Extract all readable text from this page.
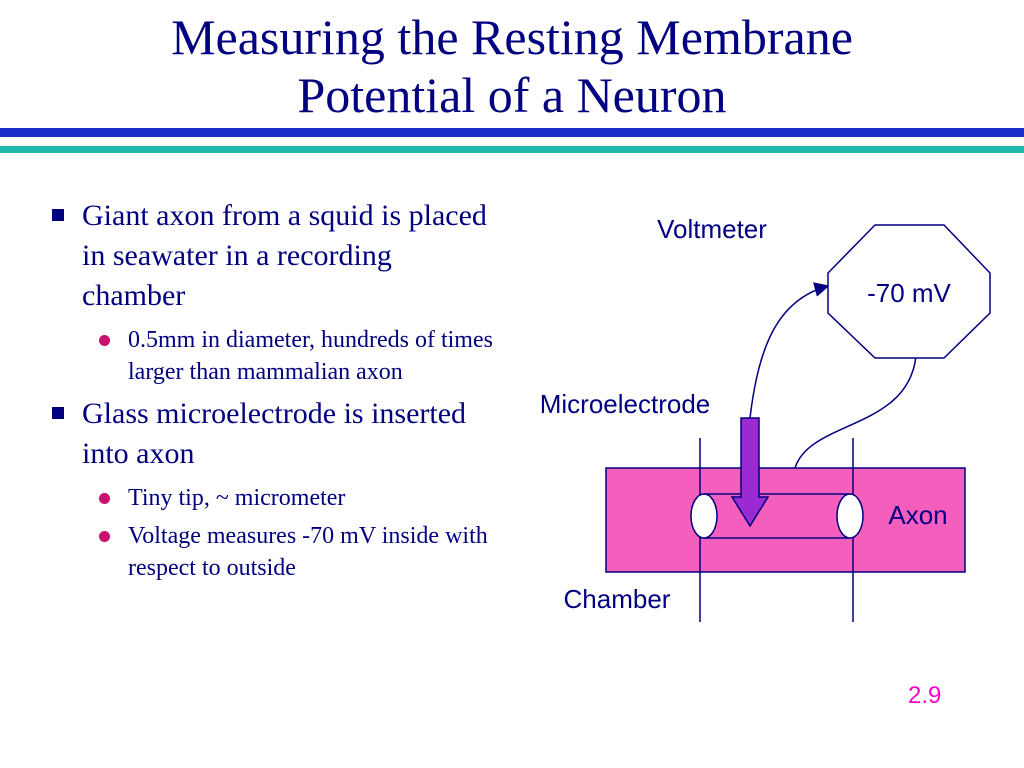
Measuring the Resting Membrane
Potential of a Neuron
Giant axon from a squid is placed in seawater in a recording chamber
0.5mm in diameter, hundreds of times larger than mammalian axon
Glass microelectrode is inserted into axon
Tiny tip, ~ micrometer
Voltage measures -70 mV inside with respect to outside
-70 mV
Voltmeter
Microelectrode
Axon
Chamber
2.9
